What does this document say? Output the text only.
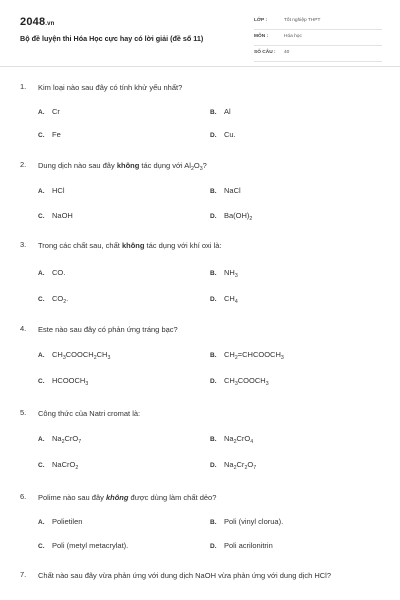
2048.vn
Bộ đề luyện thi Hóa Học cực hay có lời giải (đề số 11)
LỚP :	Tốt nghiệp THPT
MÔN :	Hóa học
SỐ CÂU : 40
1. Kim loại nào sau đây có tính khử yếu nhất?
A. Cr	B. Al
C. Fe	D. Cu.
2. Dung dịch nào sau đây không tác dụng với $Al_2O_3$?
A. HCl	B. NaCl
C. NaOH	D. $Ba(OH)_2$
3. Trong các chất sau, chất không tác dụng với khí oxi là:
A. CO.	B. $NH_3$
C. $CO_2$.	D. $CH_4$
4. Este nào sau đây có phản ứng tráng bạc?
A. $CH_3COOCH_2CH_3$	B. $CH_2=CHCOOCH_3$
C. $HCOOCH_3$	D. $CH_3COOCH_3$
5. Công thức của Natri cromat là:
A. $Na_2CrO_7$	B. $Na_2CrO_4$
C. NaCrO$_2$	D. $Na_2Cr_2O_7$
6. Polime nào sau đây không được dùng làm chất dẻo?
A. Polietilen	B. Poli (vinyl clorua).
C. Poli (metyl metacrylat).	D. Poli acrilonitrin
7. Chất nào sau đây vừa phản ứng với dung dịch NaOH vừa phản ứng với dung dịch HCl?
